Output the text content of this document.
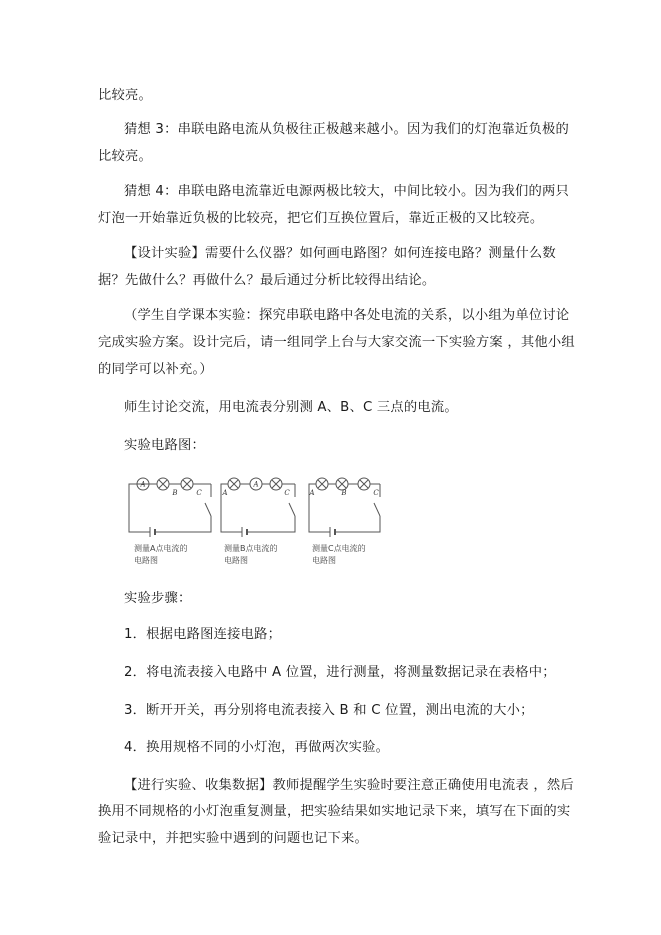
比较亮。
猜想 3：串联电路电流从负极往正极越来越小。因为我们的灯泡靠近负极的
比较亮。
猜想 4：串联电路电流靠近电源两极比较大，中间比较小。因为我们的两只
灯泡一开始靠近负极的比较亮，把它们互换位置后，靠近正极的又比较亮。
【设计实验】需要什么仪器？如何画电路图？如何连接电路？测量什么数
据？先做什么？再做什么？最后通过分析比较得出结论。
（学生自学课本实验：探究串联电路中各处电流的关系，以小组为单位讨论
完成实验方案。设计完后，请一组同学上台与大家交流一下实验方案 ，其他小组
的同学可以补充。）
师生讨论交流，用电流表分别测 A、B、C 三点的电流。
实验电路图：
A
B	C	A
A
C	A	B	C
测量A点电流的
电路图
测量B点电流的
电路图
测量C点电流的
电路图
实验步骤：
1．根据电路图连接电路；
2．将电流表接入电路中 A 位置，进行测量，将测量数据记录在表格中；
3．断开开关，再分别将电流表接入 B 和 C 位置，测出电流的大小；
4．换用规格不同的小灯泡，再做两次实验。
【进行实验、收集数据】教师提醒学生实验时要注意正确使用电流表 ，然后
换用不同规格的小灯泡重复测量，把实验结果如实地记录下来，填写在下面的实
验记录中，并把实验中遇到的问题也记下来。
